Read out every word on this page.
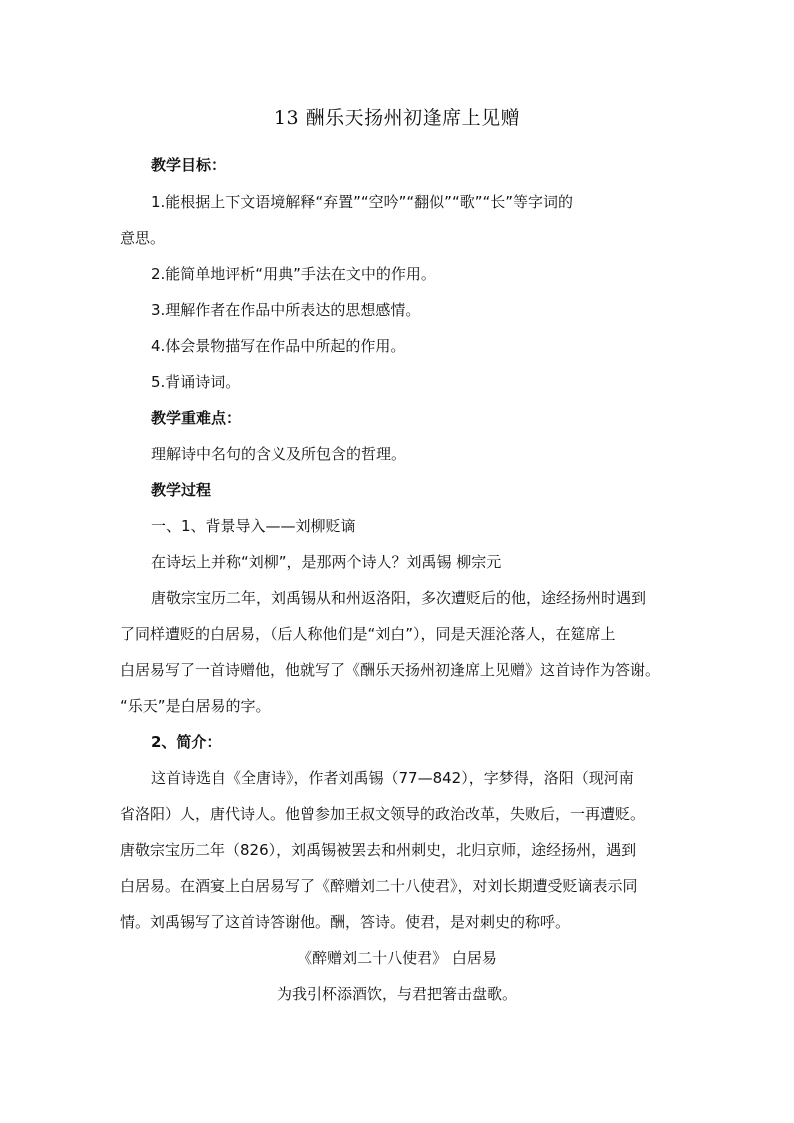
13 酬乐天扬州初逢席上见赠
教学目标：
1.能根据上下文语境解释“弃置”“空吟”“翻似”“歌”“长”等字词的
意思。
2.能简单地评析“用典”手法在文中的作用。
3.理解作者在作品中所表达的思想感情。
4.体会景物描写在作品中所起的作用。
5.背诵诗词。
教学重难点：
理解诗中名句的含义及所包含的哲理。
教学过程
一、1、背景导入——刘柳贬谪
在诗坛上并称“刘柳”，是那两个诗人？刘禹锡 柳宗元
唐敬宗宝历二年，刘禹锡从和州返洛阳，多次遭贬后的他，途经扬州时遇到
了同样遭贬的白居易，（后人称他们是“刘白”），同是天涯沦落人，在筵席上
白居易写了一首诗赠他，他就写了《酬乐天扬州初逢席上见赠》这首诗作为答谢。
“乐天”是白居易的字。
2、简介：
这首诗选自《全唐诗》，作者刘禹锡（77—842），字梦得，洛阳（现河南
省洛阳）人，唐代诗人。他曾参加王叔文领导的政治改革，失败后，一再遭贬。
唐敬宗宝历二年（826），刘禹锡被罢去和州刺史，北归京师，途经扬州，遇到
白居易。在酒宴上白居易写了《醉赠刘二十八使君》，对刘长期遭受贬谪表示同
情。刘禹锡写了这首诗答谢他。酬，答诗。使君，是对刺史的称呼。
《醉赠刘二十八使君》 白居易
为我引杯添酒饮，与君把箸击盘歌。
